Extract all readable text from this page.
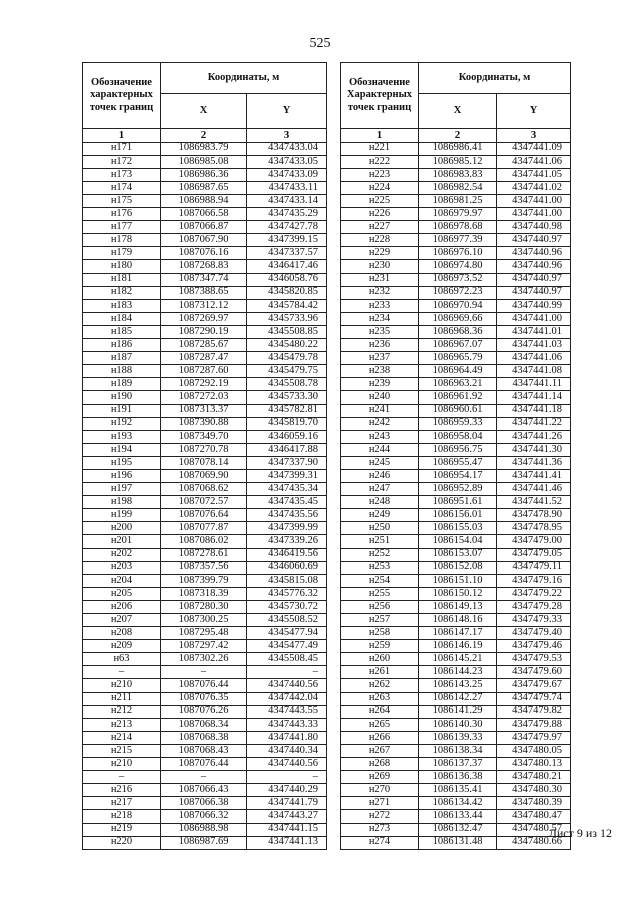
525
Обозначение характерных точек границ	Координаты, м	
	X	Y
1	2	3
н171	1086983.79	4347433.04
н172	1086985.08	4347433.05
н173	1086986.36	4347433.09
н174	1086987.65	4347433.11
н175	1086988.94	4347433.14
н176	1087066.58	4347435.29
н177	1087066.87	4347427.78
н178	1087067.90	4347399.15
н179	1087076.16	4347337.57
н180	1087268.83	4346417.46
н181	1087347.74	4346058.76
н182	1087388.65	4345820.85
н183	1087312.12	4345784.42
н184	1087269.97	4345733.96
н185	1087290.19	4345508.85
н186	1087285.67	4345480.22
н187	1087287.47	4345479.78
н188	1087287.60	4345479.75
н189	1087292.19	4345508.78
н190	1087272.03	4345733.30
н191	1087313.37	4345782.81
н192	1087390.88	4345819.70
н193	1087349.70	4346059.16
н194	1087270.78	4346417.88
н195	1087078.14	4347337.90
н196	1087069.90	4347399.31
н197	1087068.62	4347435.34
н198	1087072.57	4347435.45
н199	1087076.64	4347435.56
н200	1087077.87	4347399.99
н201	1087086.02	4347339.26
н202	1087278.61	4346419.56
н203	1087357.56	4346060.69
н204	1087399.79	4345815.08
н205	1087318.39	4345776.32
н206	1087280.30	4345730.72
н207	1087300.25	4345508.52
н208	1087295.48	4345477.94
н209	1087297.42	4345477.49
н63	1087302.26	4345508.45
–	–	–
н210	1087076.44	4347440.56
н211	1087076.35	4347442.04
н212	1087076.26	4347443.55
н213	1087068.34	4347443.33
н214	1087068.38	4347441.80
н215	1087068.43	4347440.34
н210	1087076.44	4347440.56
–	–	–
н216	1087066.43	4347440.29
н217	1087066.38	4347441.79
н218	1087066.32	4347443.27
н219	1086988.98	4347441.15
н220	1086987.69	4347441.13
Обозначение Характерных точек границ	Координаты, м	
	X	Y
1	2	3
н221	1086986.41	4347441.09
н222	1086985.12	4347441.06
н223	1086983.83	4347441.05
н224	1086982.54	4347441.02
н225	1086981.25	4347441.00
н226	1086979.97	4347441.00
н227	1086978.68	4347440.98
н228	1086977.39	4347440.97
н229	1086976.10	4347440.96
н230	1086974.80	4347440.96
н231	1086973.52	4347440.97
н232	1086972.23	4347440.97
н233	1086970.94	4347440.99
н234	1086969.66	4347441.00
н235	1086968.36	4347441.01
н236	1086967.07	4347441.03
н237	1086965.79	4347441.06
н238	1086964.49	4347441.08
н239	1086963.21	4347441.11
н240	1086961.92	4347441.14
н241	1086960.61	4347441.18
н242	1086959.33	4347441.22
н243	1086958.04	4347441.26
н244	1086956.75	4347441.30
н245	1086955.47	4347441.36
н246	1086954.17	4347441.41
н247	1086952.89	4347441.46
н248	1086951.61	4347441.52
н249	1086156.01	4347478.90
н250	1086155.03	4347478.95
н251	1086154.04	4347479.00
н252	1086153.07	4347479.05
н253	1086152.08	4347479.11
н254	1086151.10	4347479.16
н255	1086150.12	4347479.22
н256	1086149.13	4347479.28
н257	1086148.16	4347479.33
н258	1086147.17	4347479.40
н259	1086146.19	4347479.46
н260	1086145.21	4347479.53
н261	1086144.23	4347479.60
н262	1086143.25	4347479.67
н263	1086142.27	4347479.74
н264	1086141.29	4347479.82
н265	1086140.30	4347479.88
н266	1086139.33	4347479.97
н267	1086138.34	4347480.05
н268	1086137.37	4347480.13
н269	1086136.38	4347480.21
н270	1086135.41	4347480.30
н271	1086134.42	4347480.39
н272	1086133.44	4347480.47
н273	1086132.47	4347480.57
н274	1086131.48	4347480.66
Лист 9 из 12
